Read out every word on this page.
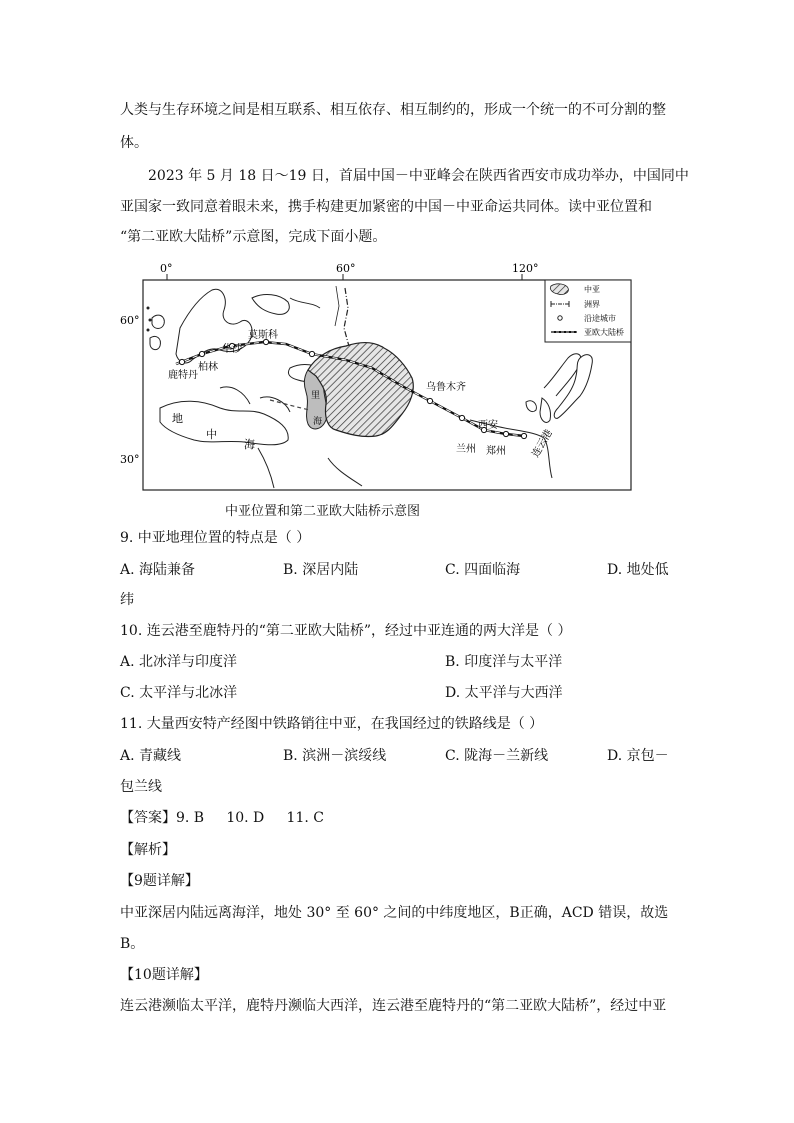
人类与生存环境之间是相互联系、相互依存、相互制约的，形成一个统一的不可分割的整
体。
2023 年 5 月 18 日～19 日，首届中国－中亚峰会在陕西省西安市成功举办，中国同中
亚国家一致同意着眼未来，携手构建更加紧密的中国－中亚命运共同体。读中亚位置和
“第二亚欧大陆桥”示意图，完成下面小题。
0°	60°	120°
60°
30°
鹿特丹
柏林
华沙
莫斯科
乌鲁木齐
西安
兰州 郑州 连云港
地
中
海
里
海
中亚
洲界
沿途城市
亚欧大陆桥
中亚位置和第二亚欧大陆桥示意图
9. 中亚地理位置的特点是（ ）
A. 海陆兼备	B. 深居内陆	C. 四面临海	D. 地处低
纬
10. 连云港至鹿特丹的“第二亚欧大陆桥”，经过中亚连通的两大洋是（ ）
A. 北冰洋与印度洋	B. 印度洋与太平洋
C. 太平洋与北冰洋	D. 太平洋与大西洋
11. 大量西安特产经图中铁路销往中亚，在我国经过的铁路线是（ ）
A. 青藏线	B. 滨洲－滨绥线	C. 陇海－兰新线	D. 京包－
包兰线
【答案】9. B     10. D     11. C
【解析】
【9题详解】
中亚深居内陆远离海洋，地处 30° 至 60° 之间的中纬度地区，B正确，ACD 错误，故选
B。
【10题详解】
连云港濒临太平洋，鹿特丹濒临大西洋，连云港至鹿特丹的“第二亚欧大陆桥”，经过中亚
